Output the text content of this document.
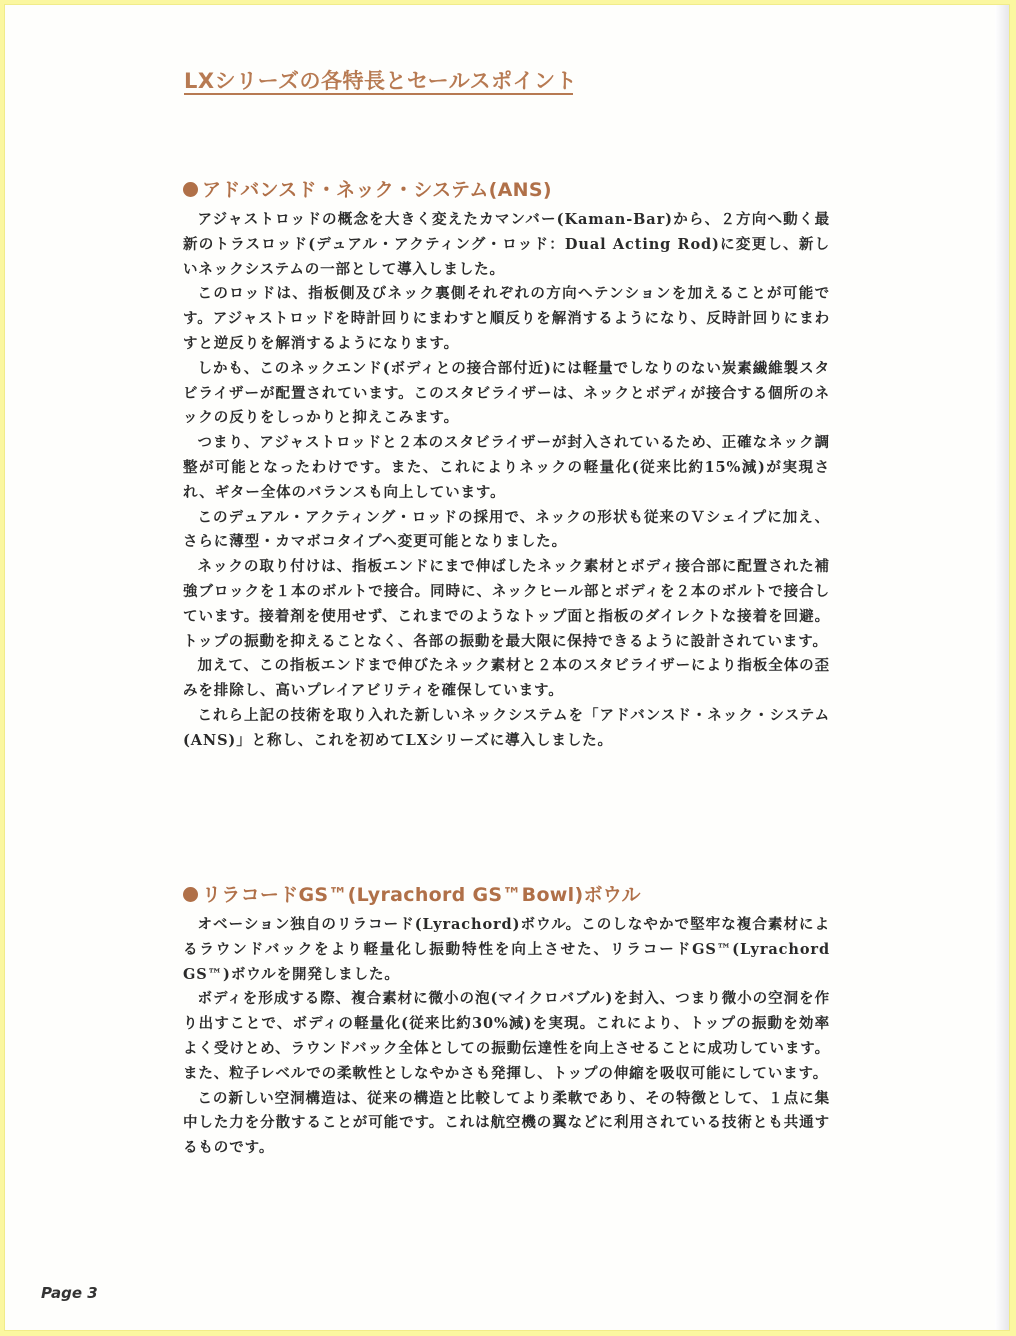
LXシリーズの各特長とセールスポイント
アドバンスド・ネック・システム(ANS)

アジャストロッドの概念を大きく変えたカマンバー(Kaman-Bar)から、２方向へ動く最新のトラスロッド(デュアル・アクティング・ロッド：Dual Acting Rod)に変更し、新しいネックシステムの一部として導入しました。

このロッドは、指板側及びネック裏側それぞれの方向へテンションを加えることが可能です。アジャストロッドを時計回りにまわすと順反りを解消するようになり、反時計回りにまわすと逆反りを解消するようになります。

しかも、このネックエンド(ボディとの接合部付近)には軽量でしなりのない炭素繊維製スタビライザーが配置されています。このスタビライザーは、ネックとボディが接合する個所のネックの反りをしっかりと抑えこみます。

つまり、アジャストロッドと２本のスタビライザーが封入されているため、正確なネック調整が可能となったわけです。また、これによりネックの軽量化(従来比約15%減)が実現され、ギター全体のバランスも向上しています。

このデュアル・アクティング・ロッドの採用で、ネックの形状も従来のＶシェイプに加え、さらに薄型・カマボコタイプへ変更可能となりました。

ネックの取り付けは、指板エンドにまで伸ばしたネック素材とボディ接合部に配置された補強ブロックを１本のボルトで接合。同時に、ネックヒール部とボディを２本のボルトで接合しています。接着剤を使用せず、これまでのようなトップ面と指板のダイレクトな接着を回避。トップの振動を抑えることなく、各部の振動を最大限に保持できるように設計されています。

加えて、この指板エンドまで伸びたネック素材と２本のスタビライザーにより指板全体の歪みを排除し、高いプレイアビリティを確保しています。

これら上記の技術を取り入れた新しいネックシステムを「アドバンスド・ネック・システム(ANS)」と称し、これを初めてLXシリーズに導入しました。

リラコードGS™(Lyrachord GS™Bowl)ボウル

オベーション独自のリラコード(Lyrachord)ボウル。このしなやかで堅牢な複合素材によるラウンドバックをより軽量化し振動特性を向上させた、リラコードGS™(Lyrachord GS™)ボウルを開発しました。

ボディを形成する際、複合素材に微小の泡(マイクロバブル)を封入、つまり微小の空洞を作り出すことで、ボディの軽量化(従来比約30%減)を実現。これにより、トップの振動を効率よく受けとめ、ラウンドバック全体としての振動伝達性を向上させることに成功しています。また、粒子レベルでの柔軟性としなやかさも発揮し、トップの伸縮を吸収可能にしています。

この新しい空洞構造は、従来の構造と比較してより柔軟であり、その特徴として、１点に集中した力を分散することが可能です。これは航空機の翼などに利用されている技術とも共通するものです。

Page 3
